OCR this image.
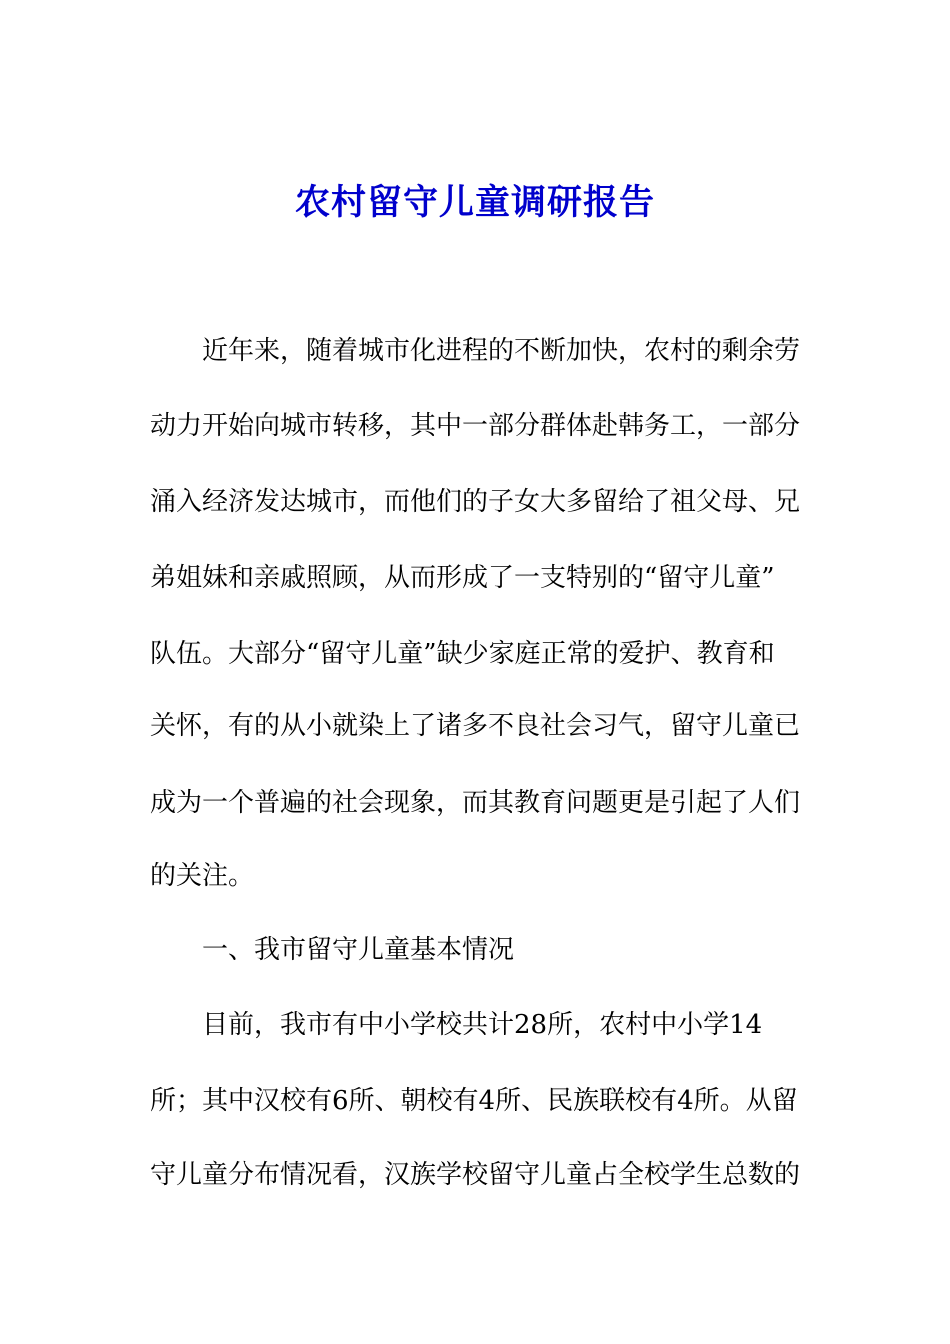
农村留守儿童调研报告
近年来，随着城市化进程的不断加快，农村的剩余劳
动力开始向城市转移，其中一部分群体赴韩务工，一部分
涌入经济发达城市，而他们的子女大多留给了祖父母、兄
弟姐妹和亲戚照顾，从而形成了一支特别的“留守儿童”
队伍。大部分“留守儿童”缺少家庭正常的爱护、教育和
关怀，有的从小就染上了诸多不良社会习气，留守儿童已
成为一个普遍的社会现象，而其教育问题更是引起了人们
的关注。
一、我市留守儿童基本情况
目前，我市有中小学校共计28所，农村中小学14
所；其中汉校有6所、朝校有4所、民族联校有4所。从留
守儿童分布情况看，汉族学校留守儿童占全校学生总数的
